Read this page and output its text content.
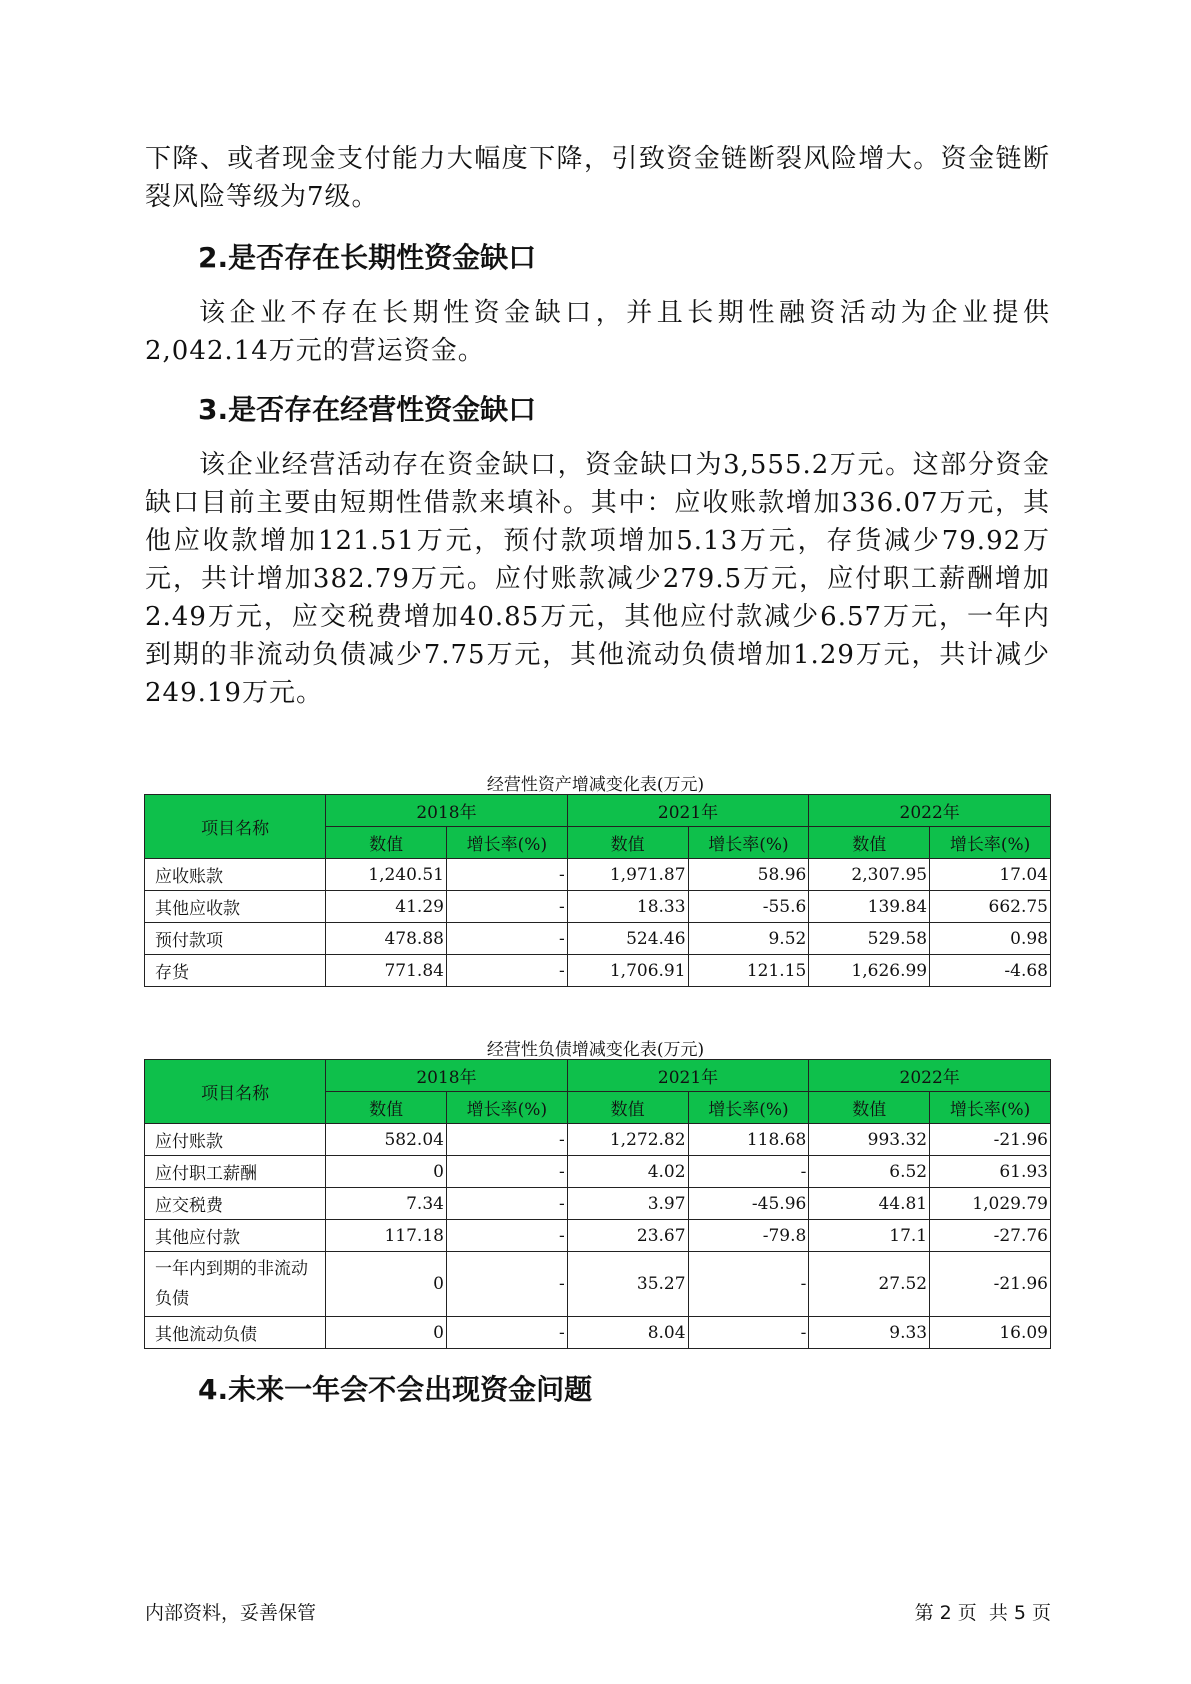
下降、或者现金支付能力大幅度下降，引致资金链断裂风险增大。资金链断裂风险等级为7级。

2.是否存在长期性资金缺口

该企业不存在长期性资金缺口，并且长期性融资活动为企业提供2,042.14万元的营运资金。

3.是否存在经营性资金缺口

该企业经营活动存在资金缺口，资金缺口为3,555.2万元。这部分资金缺口目前主要由短期性借款来填补。其中：应收账款增加336.07万元，其他应收款增加121.51万元，预付款项增加5.13万元，存货减少79.92万元，共计增加382.79万元。应付账款减少279.5万元，应付职工薪酬增加2.49万元，应交税费增加40.85万元，其他应付款减少6.57万元，一年内到期的非流动负债减少7.75万元，其他流动负债增加1.29万元，共计减少249.19万元。

经营性资产增减变化表(万元)
项目名称	2018年		2021年		2022年	
	数值	增长率(%)	数值	增长率(%)	数值	增长率(%)
应收账款	1,240.51	-	1,971.87	58.96	2,307.95	17.04
其他应收款	41.29	-	18.33	-55.6	139.84	662.75
预付款项	478.88	-	524.46	9.52	529.58	0.98
存货	771.84	-	1,706.91	121.15	1,626.99	-4.68
经营性负债增减变化表(万元)
项目名称	2018年		2021年		2022年	
	数值	增长率(%)	数值	增长率(%)	数值	增长率(%)
应付账款	582.04	-	1,272.82	118.68	993.32	-21.96
应付职工薪酬	0	-	4.02	-	6.52	61.93
应交税费	7.34	-	3.97	-45.96	44.81	1,029.79
其他应付款	117.18	-	23.67	-79.8	17.1	-27.76
一年内到期的非流动负债	0	-	35.27	-	27.52	-21.96
其他流动负债	0	-	8.04	-	9.33	16.09
4.未来一年会不会出现资金问题
内部资料，妥善保管	第 2 页  共 5 页
